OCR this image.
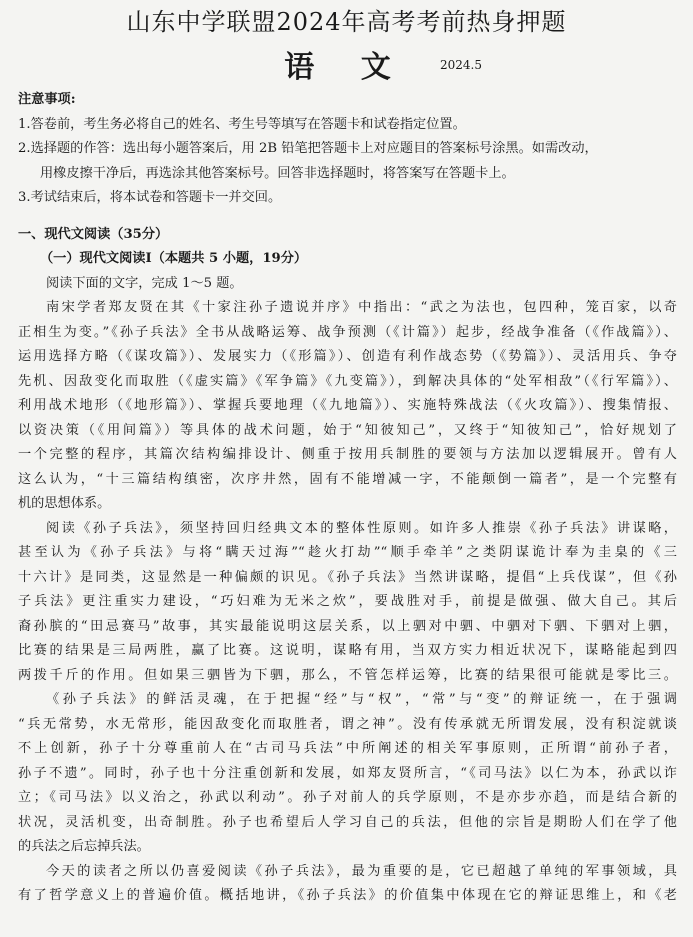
山东中学联盟2024年高考考前热身押题
语 文	2024.5
注意事项:
1.答卷前，考生务必将自己的姓名、考生号等填写在答题卡和试卷指定位置。
2.选择题的作答：选出每小题答案后，用 2B 铅笔把答题卡上对应题目的答案标号涂黑。如需改动，
用橡皮擦干净后，再选涂其他答案标号。回答非选择题时，将答案写在答题卡上。
3.考试结束后，将本试卷和答题卡一并交回。
一、现代文阅读（35分）
（一）现代文阅读Ⅰ（本题共 5 小题，19分）
阅读下面的文字，完成 1～5 题。
南宋学者郑友贤在其《十家注孙子遗说并序》中指出：“武之为法也，包四种，笼百家，以奇
正相生为变。”《孙子兵法》全书从战略运筹、战争预测（《计篇》）起步，经战争准备（《作战篇》）、
运用选择方略（《谋攻篇》）、发展实力（《形篇》）、创造有利作战态势（《势篇》）、灵活用兵、争夺
先机、因敌变化而取胜（《虚实篇》《军争篇》《九变篇》），到解决具体的“处军相敌”（《行军篇》）、
利用战术地形（《地形篇》）、掌握兵要地理（《九地篇》）、实施特殊战法（《火攻篇》）、搜集情报、
以资决策（《用间篇》）等具体的战术问题，始于“知彼知己”，又终于“知彼知己”，恰好规划了
一个完整的程序，其篇次结构编排设计、侧重于按用兵制胜的要领与方法加以逻辑展开。曾有人
这么认为，“十三篇结构缜密，次序井然，固有不能增减一字，不能颠倒一篇者”，是一个完整有
机的思想体系。
阅读《孙子兵法》，须坚持回归经典文本的整体性原则。如许多人推崇《孙子兵法》讲谋略，
甚至认为《孙子兵法》与将“瞒天过海”“趁火打劫”“顺手牵羊”之类阴谋诡计奉为圭臬的《三
十六计》是同类，这显然是一种偏颇的识见。《孙子兵法》当然讲谋略，提倡“上兵伐谋”，但《孙
子兵法》更注重实力建设，“巧妇难为无米之炊”，要战胜对手，前提是做强、做大自己。其后
裔孙膑的“田忌赛马”故事，其实最能说明这层关系，以上驷对中驷、中驷对下驷、下驷对上驷，
比赛的结果是三局两胜，赢了比赛。这说明，谋略有用，当双方实力相近状况下，谋略能起到四
两拨千斤的作用。但如果三驷皆为下驷，那么，不管怎样运筹，比赛的结果很可能就是零比三。
《孙子兵法》的鲜活灵魂，在于把握“经”与“权”，“常”与“变”的辩证统一，在于强调
“兵无常势，水无常形，能因敌变化而取胜者，谓之神”。没有传承就无所谓发展，没有积淀就谈
不上创新，孙子十分尊重前人在“古司马兵法”中所阐述的相关军事原则，正所谓“前孙子者，
孙子不遗”。同时，孙子也十分注重创新和发展，如郑友贤所言，“《司马法》以仁为本，孙武以诈
立；《司马法》以义治之，孙武以利动”。孙子对前人的兵学原则，不是亦步亦趋，而是结合新的
状况，灵活机变，出奇制胜。孙子也希望后人学习自己的兵法，但他的宗旨是期盼人们在学了他
的兵法之后忘掉兵法。
今天的读者之所以仍喜爱阅读《孙子兵法》，最为重要的是，它已超越了单纯的军事领域，具
有了哲学意义上的普遍价值。概括地讲，《孙子兵法》的价值集中体现在它的辩证思维上，和《老
